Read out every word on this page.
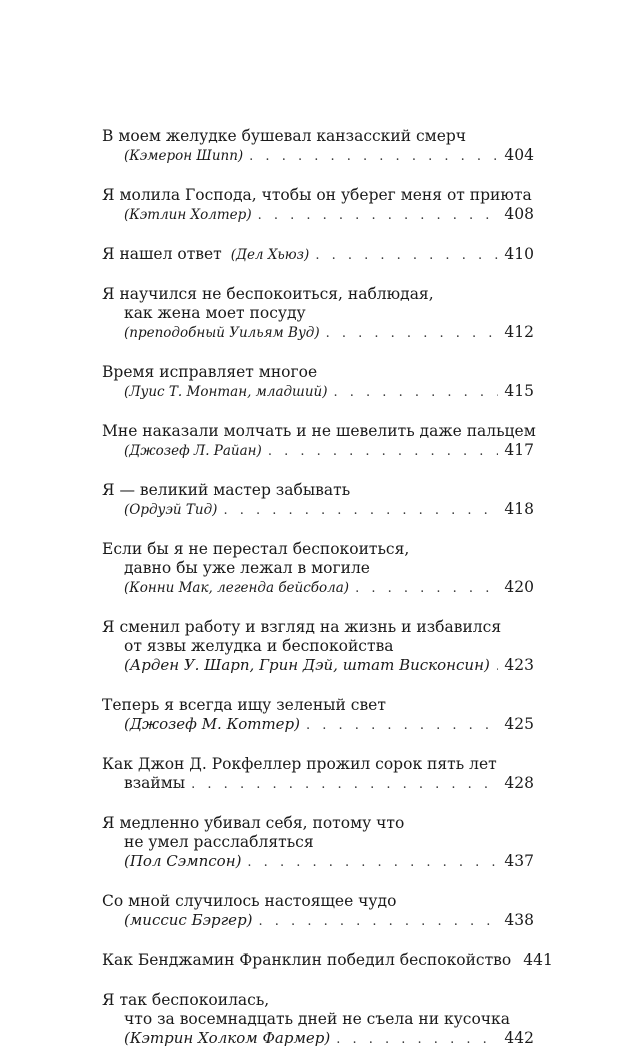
В моем желудке бушевал канзасский смерч
(Кэмерон Шипп) . . .	404
Я молила Господа, чтобы он уберег меня от приюта
(Кэтлин Холтер) . . .	408
Я нашел ответ (Дел Хьюз) . . .	410
Я научился не беспокоиться, наблюдая,
как жена моет посуду
(преподобный Уильям Вуд) . . .	412
Время исправляет многое
(Луис Т. Монтан, младший) . . .	415
Мне наказали молчать и не шевелить даже пальцем
(Джозеф Л. Райан) . . .	417
Я — великий мастер забывать
(Ордуэй Тид) . . .	418
Если бы я не перестал беспокоиться,
давно бы уже лежал в могиле
(Конни Мак, легенда бейсбола) . . .	420
Я сменил работу и взгляд на жизнь и избавился
от язвы желудка и беспокойства
(Арден У. Шарп, Грин Дэй, штат Висконсин) . . . 423
Теперь я всегда ищу зеленый свет
(Джозеф М. Коттер) . . .	425
Как Джон Д. Рокфеллер прожил сорок пять лет
взаймы . . .	428
Я медленно убивал себя, потому что
не умел расслабляться
(Пол Сэмпсон) . . .	437
Со мной случилось настоящее чудо
(миссис Бэргер) . . .	438
Как Бенджамин Франклин победил беспокойство 441
Я так беспокоилась,
что за восемнадцать дней не съела ни кусочка
(Кэтрин Холком Фармер) . . .	442
